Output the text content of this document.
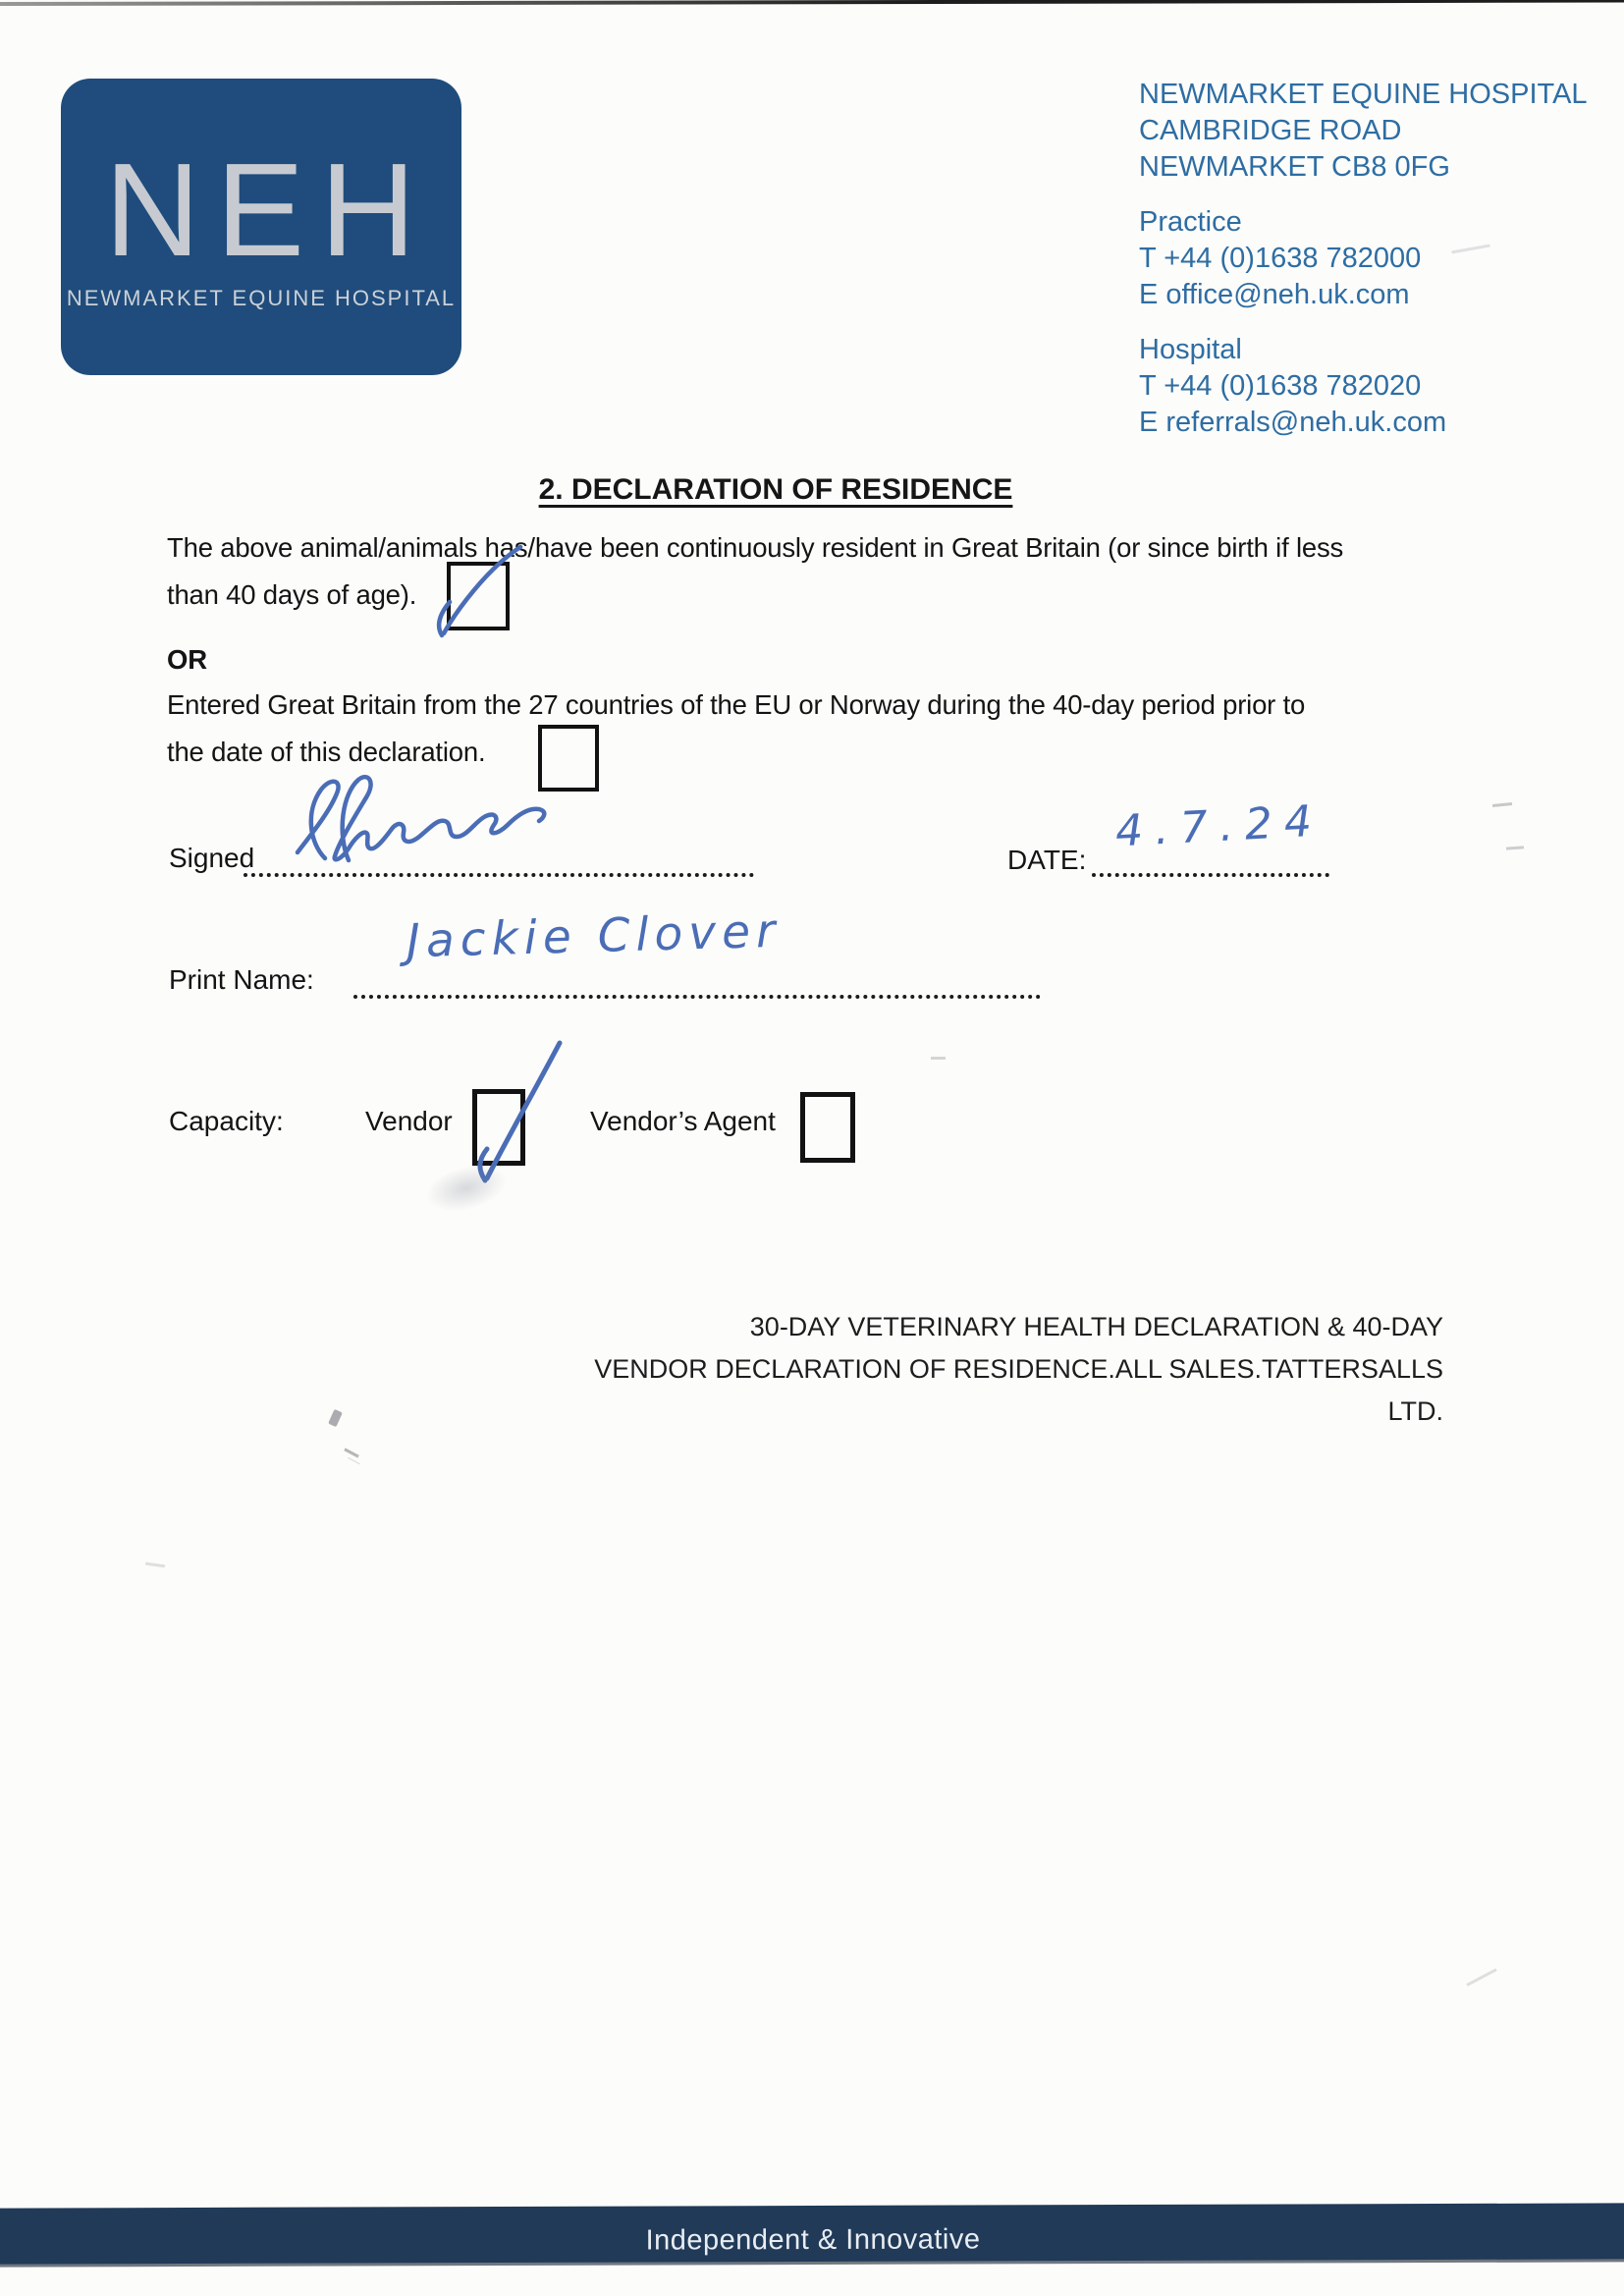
NEH
NEWMARKET EQUINE HOSPITAL
NEWMARKET EQUINE HOSPITAL
CAMBRIDGE ROAD
NEWMARKET CB8 0FG
Practice
T +44 (0)1638 782000
E office@neh.uk.com
Hospital
T +44 (0)1638 782020
E referrals@neh.uk.com
2. DECLARATION OF RESIDENCE
The above animal/animals has/have been continuously resident in Great Britain (or since birth if less
than 40 days of age).
OR
Entered Great Britain from the 27 countries of the EU or Norway during the 40-day period prior to
the date of this declaration.
Signed	DATE:
4.7.24
Print Name:
Jackie Clover
Capacity:	Vendor	Vendor’s Agent
30-DAY VETERINARY HEALTH DECLARATION & 40-DAY
VENDOR DECLARATION OF RESIDENCE.ALL SALES.TATTERSALLS LTD.
Independent & Innovative
